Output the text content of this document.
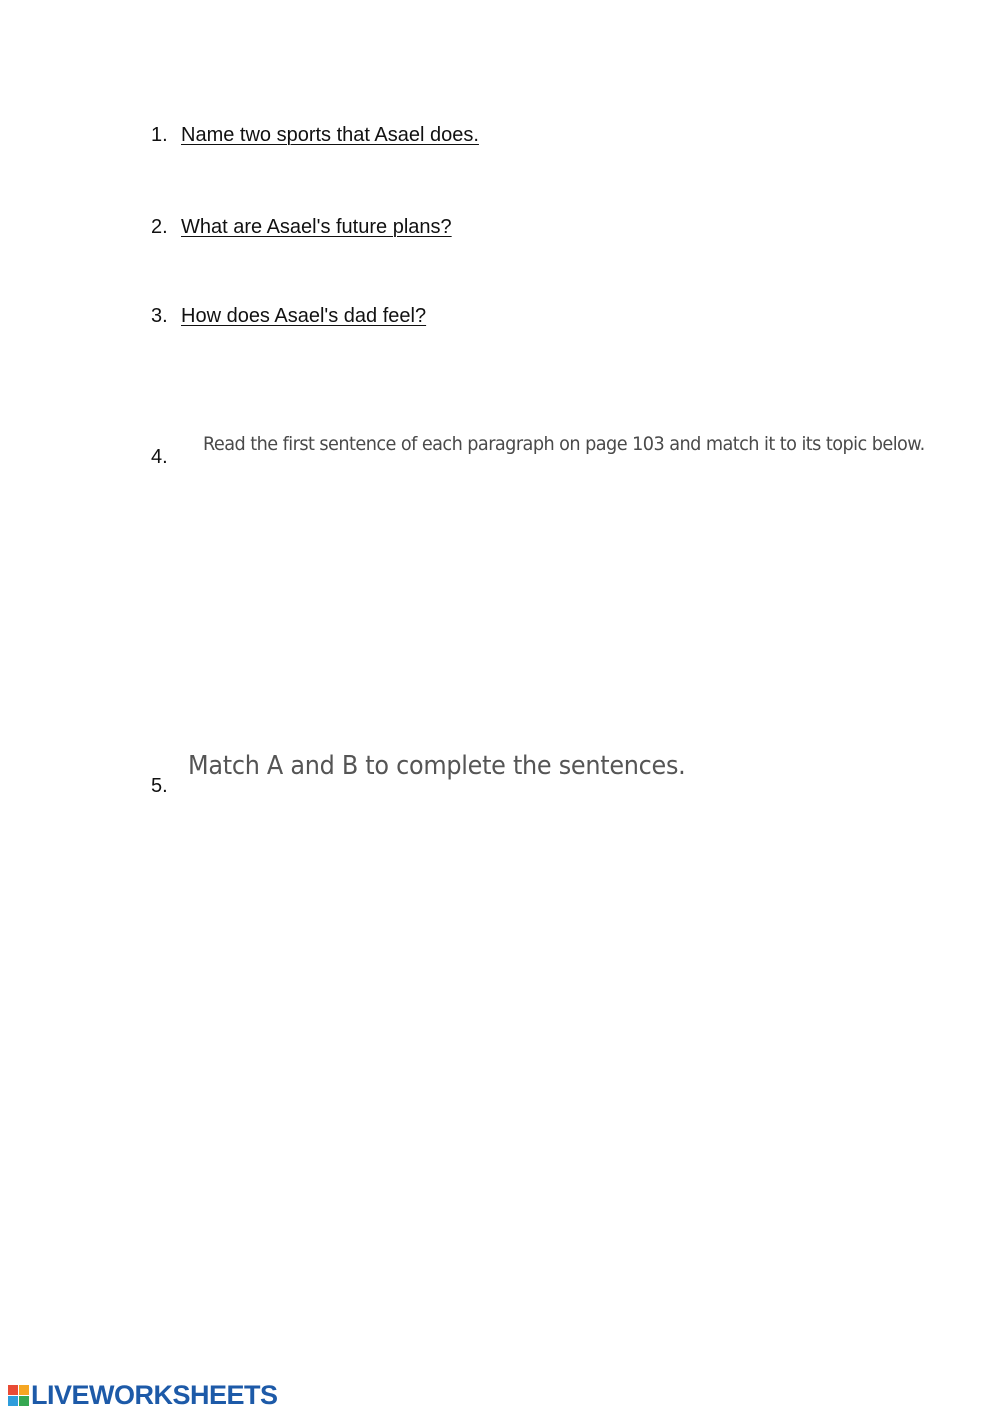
1. Name two sports that Asael does.
2. What are Asael's future plans?
3. How does Asael's dad feel?
4.
Read the first sentence of each paragraph on page 103 and match it to its topic below.
5.
Match A and B to complete the sentences.
LIVEWORKSHEETS
